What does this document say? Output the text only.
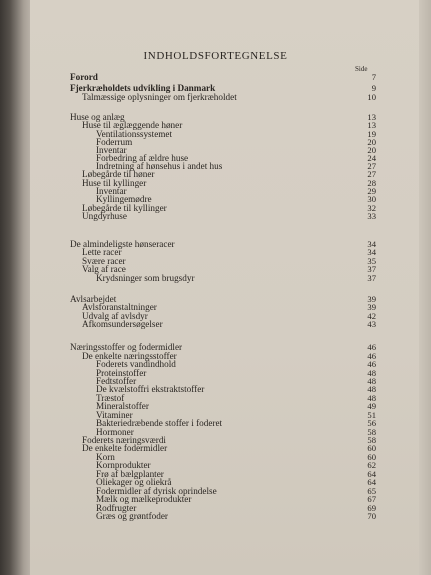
INDHOLDSFORTEGNELSE
Side
Forord	7
Fjerkræholdets udvikling i Danmark	9
Talmæssige oplysninger om fjerkræholdet	10
Huse og anlæg	13
Huse til æglæggende høner	13
Ventilationssystemet	19
Foderrum	20
Inventar	20
Forbedring af ældre huse	24
Indretning af hønsehus i andet hus	27
Løbegårde til høner	27
Huse til kyllinger	28
Inventar	29
Kyllingemødre	30
Løbegårde til kyllinger	32
Ungdyrhuse	33
De almindeligste hønseracer	34
Lette racer	34
Svære racer	35
Valg af race	37
Krydsninger som brugsdyr	37
Avlsarbejdet	39
Avlsforanstaltninger	39
Udvalg af avlsdyr	42
Afkomsundersøgelser	43
Næringsstoffer og fodermidler	46
De enkelte næringsstoffer	46
Foderets vandindhold	46
Proteinstoffer	48
Fedtstoffer	48
De kvælstoffri ekstraktstoffer	48
Træstof	48
Mineralstoffer	49
Vitaminer	51
Bakteriedræbende stoffer i foderet	56
Hormoner	58
Foderets næringsværdi	58
De enkelte fodermidler	60
Korn	60
Kornprodukter	62
Frø af bælgplanter	64
Oliekager og oliekrå	64
Fodermidler af dyrisk oprindelse	65
Mælk og mælkeprodukter	67
Rodfrugter	69
Græs og grøntfoder	70
